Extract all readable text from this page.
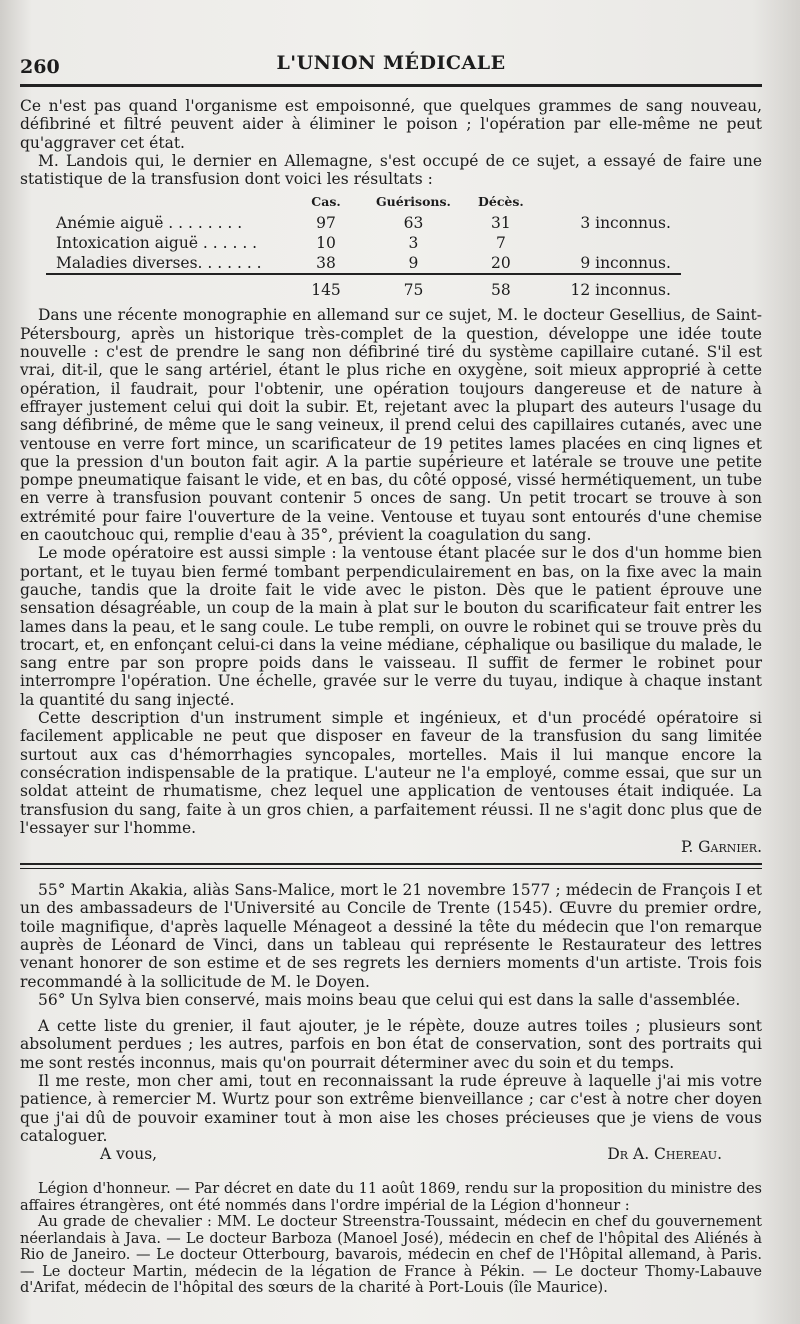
260	L'UNION MÉDICALE

Ce n'est pas quand l'organisme est empoisonné, que quelques grammes de sang nouveau, défibriné et filtré peuvent aider à éliminer le poison ; l'opération par elle-même ne peut qu'aggraver cet état.

M. Landois qui, le dernier en Allemagne, s'est occupé de ce sujet, a essayé de faire une statistique de la transfusion dont voici les résultats :

	Cas.	Guérisons.	Décès.	
Anémie aiguë . . . . . . . .	97	63	31	3 inconnus.
Intoxication aiguë . . . . . .	10	3	7	
Maladies diverses. . . . . . .	38	9	20	9 inconnus.
	145	75	58	12 inconnus.

Dans une récente monographie en allemand sur ce sujet, M. le docteur Gesellius, de Saint-Pétersbourg, après un historique très-complet de la question, développe une idée toute nouvelle : c'est de prendre le sang non défibriné tiré du système capillaire cutané. S'il est vrai, dit-il, que le sang artériel, étant le plus riche en oxygène, soit mieux approprié à cette opération, il faudrait, pour l'obtenir, une opération toujours dangereuse et de nature à effrayer justement celui qui doit la subir. Et, rejetant avec la plupart des auteurs l'usage du sang défibriné, de même que le sang veineux, il prend celui des capillaires cutanés, avec une ventouse en verre fort mince, un scarificateur de 19 petites lames placées en cinq lignes et que la pression d'un bouton fait agir. A la partie supérieure et latérale se trouve une petite pompe pneumatique faisant le vide, et en bas, du côté opposé, vissé hermétiquement, un tube en verre à transfusion pouvant contenir 5 onces de sang. Un petit trocart se trouve à son extrémité pour faire l'ouverture de la veine. Ventouse et tuyau sont entourés d'une chemise en caoutchouc qui, remplie d'eau à 35°, prévient la coagulation du sang.

Le mode opératoire est aussi simple : la ventouse étant placée sur le dos d'un homme bien portant, et le tuyau bien fermé tombant perpendiculairement en bas, on la fixe avec la main gauche, tandis que la droite fait le vide avec le piston. Dès que le patient éprouve une sensation désagréable, un coup de la main à plat sur le bouton du scarificateur fait entrer les lames dans la peau, et le sang coule. Le tube rempli, on ouvre le robinet qui se trouve près du trocart, et, en enfonçant celui-ci dans la veine médiane, céphalique ou basilique du malade, le sang entre par son propre poids dans le vaisseau. Il suffit de fermer le robinet pour interrompre l'opération. Une échelle, gravée sur le verre du tuyau, indique à chaque instant la quantité du sang injecté.

Cette description d'un instrument simple et ingénieux, et d'un procédé opératoire si facilement applicable ne peut que disposer en faveur de la transfusion du sang limitée surtout aux cas d'hémorrhagies syncopales, mortelles. Mais il lui manque encore la consécration indispensable de la pratique. L'auteur ne l'a employé, comme essai, que sur un soldat atteint de rhumatisme, chez lequel une application de ventouses était indiquée. La transfusion du sang, faite à un gros chien, a parfaitement réussi. Il ne s'agit donc plus que de l'essayer sur l'homme.

P. Garnier.

55° Martin Akakia, aliàs Sans-Malice, mort le 21 novembre 1577 ; médecin de François I et un des ambassadeurs de l'Université au Concile de Trente (1545). Œuvre du premier ordre, toile magnifique, d'après laquelle Ménageot a dessiné la tête du médecin que l'on remarque auprès de Léonard de Vinci, dans un tableau qui représente le Restaurateur des lettres venant honorer de son estime et de ses regrets les derniers moments d'un artiste. Trois fois recommandé à la sollicitude de M. le Doyen.

56° Un Sylva bien conservé, mais moins beau que celui qui est dans la salle d'assemblée.

A cette liste du grenier, il faut ajouter, je le répète, douze autres toiles ; plusieurs sont absolument perdues ; les autres, parfois en bon état de conservation, sont des portraits qui me sont restés inconnus, mais qu'on pourrait déterminer avec du soin et du temps.

Il me reste, mon cher ami, tout en reconnaissant la rude épreuve à laquelle j'ai mis votre patience, à remercier M. Wurtz pour son extrême bienveillance ; car c'est à notre cher doyen que j'ai dû de pouvoir examiner tout à mon aise les choses précieuses que je viens de vous cataloguer.

A vous,	Dr A. Chereau.

Légion d'honneur. — Par décret en date du 11 août 1869, rendu sur la proposition du ministre des affaires étrangères, ont été nommés dans l'ordre impérial de la Légion d'honneur :

Au grade de chevalier : MM. Le docteur Streenstra-Toussaint, médecin en chef du gouvernement néerlandais à Java. — Le docteur Barboza (Manoel José), médecin en chef de l'hôpital des Aliénés à Rio de Janeiro. — Le docteur Otterbourg, bavarois, médecin en chef de l'Hôpital allemand, à Paris. — Le docteur Martin, médecin de la légation de France à Pékin. — Le docteur Thomy-Labauve d'Arifat, médecin de l'hôpital des sœurs de la charité à Port-Louis (île Maurice).
